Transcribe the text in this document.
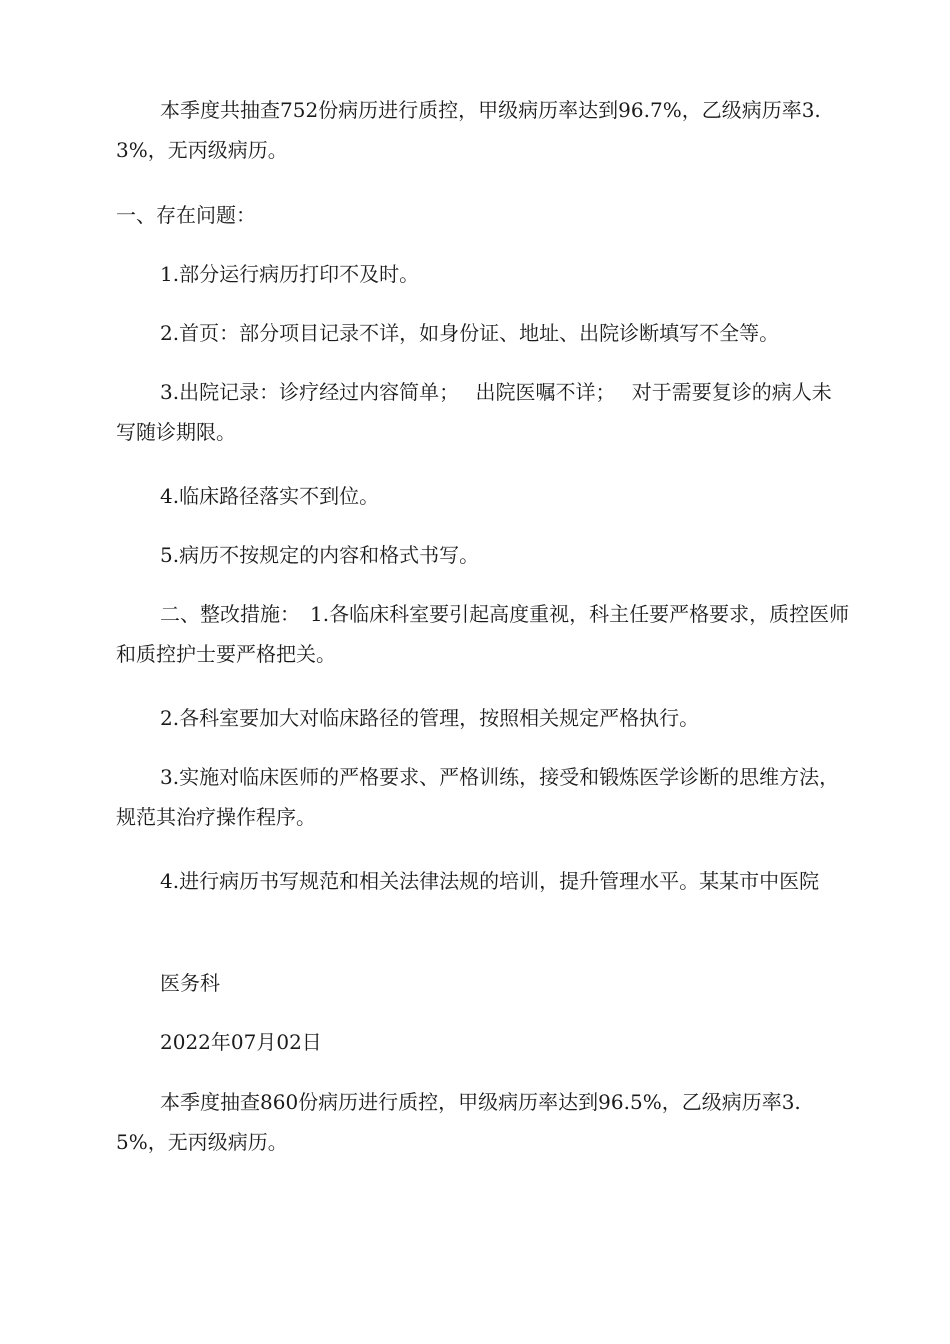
本季度共抽查752份病历进行质控，甲级病历率达到96.7%，乙级病历率3.3%，无丙级病历。

一、存在问题：

1.部分运行病历打印不及时。

2.首页：部分项目记录不详，如身份证、地址、出院诊断填写不全等。

3.出院记录：诊疗经过内容简单；　 出院医嘱不详；　 对于需要复诊的病人未写随诊期限。

4.临床路径落实不到位。

5.病历不按规定的内容和格式书写。

二、整改措施：　1.各临床科室要引起高度重视，科主任要严格要求，质控医师和质控护士要严格把关。

2.各科室要加大对临床路径的管理，按照相关规定严格执行。

3.实施对临床医师的严格要求、严格训练，接受和锻炼医学诊断的思维方法，规范其治疗操作程序。

4.进行病历书写规范和相关法律法规的培训，提升管理水平。某某市中医院

医务科

2022年07月02日

本季度抽查860份病历进行质控，甲级病历率达到96.5%，乙级病历率3.5%，无丙级病历。
